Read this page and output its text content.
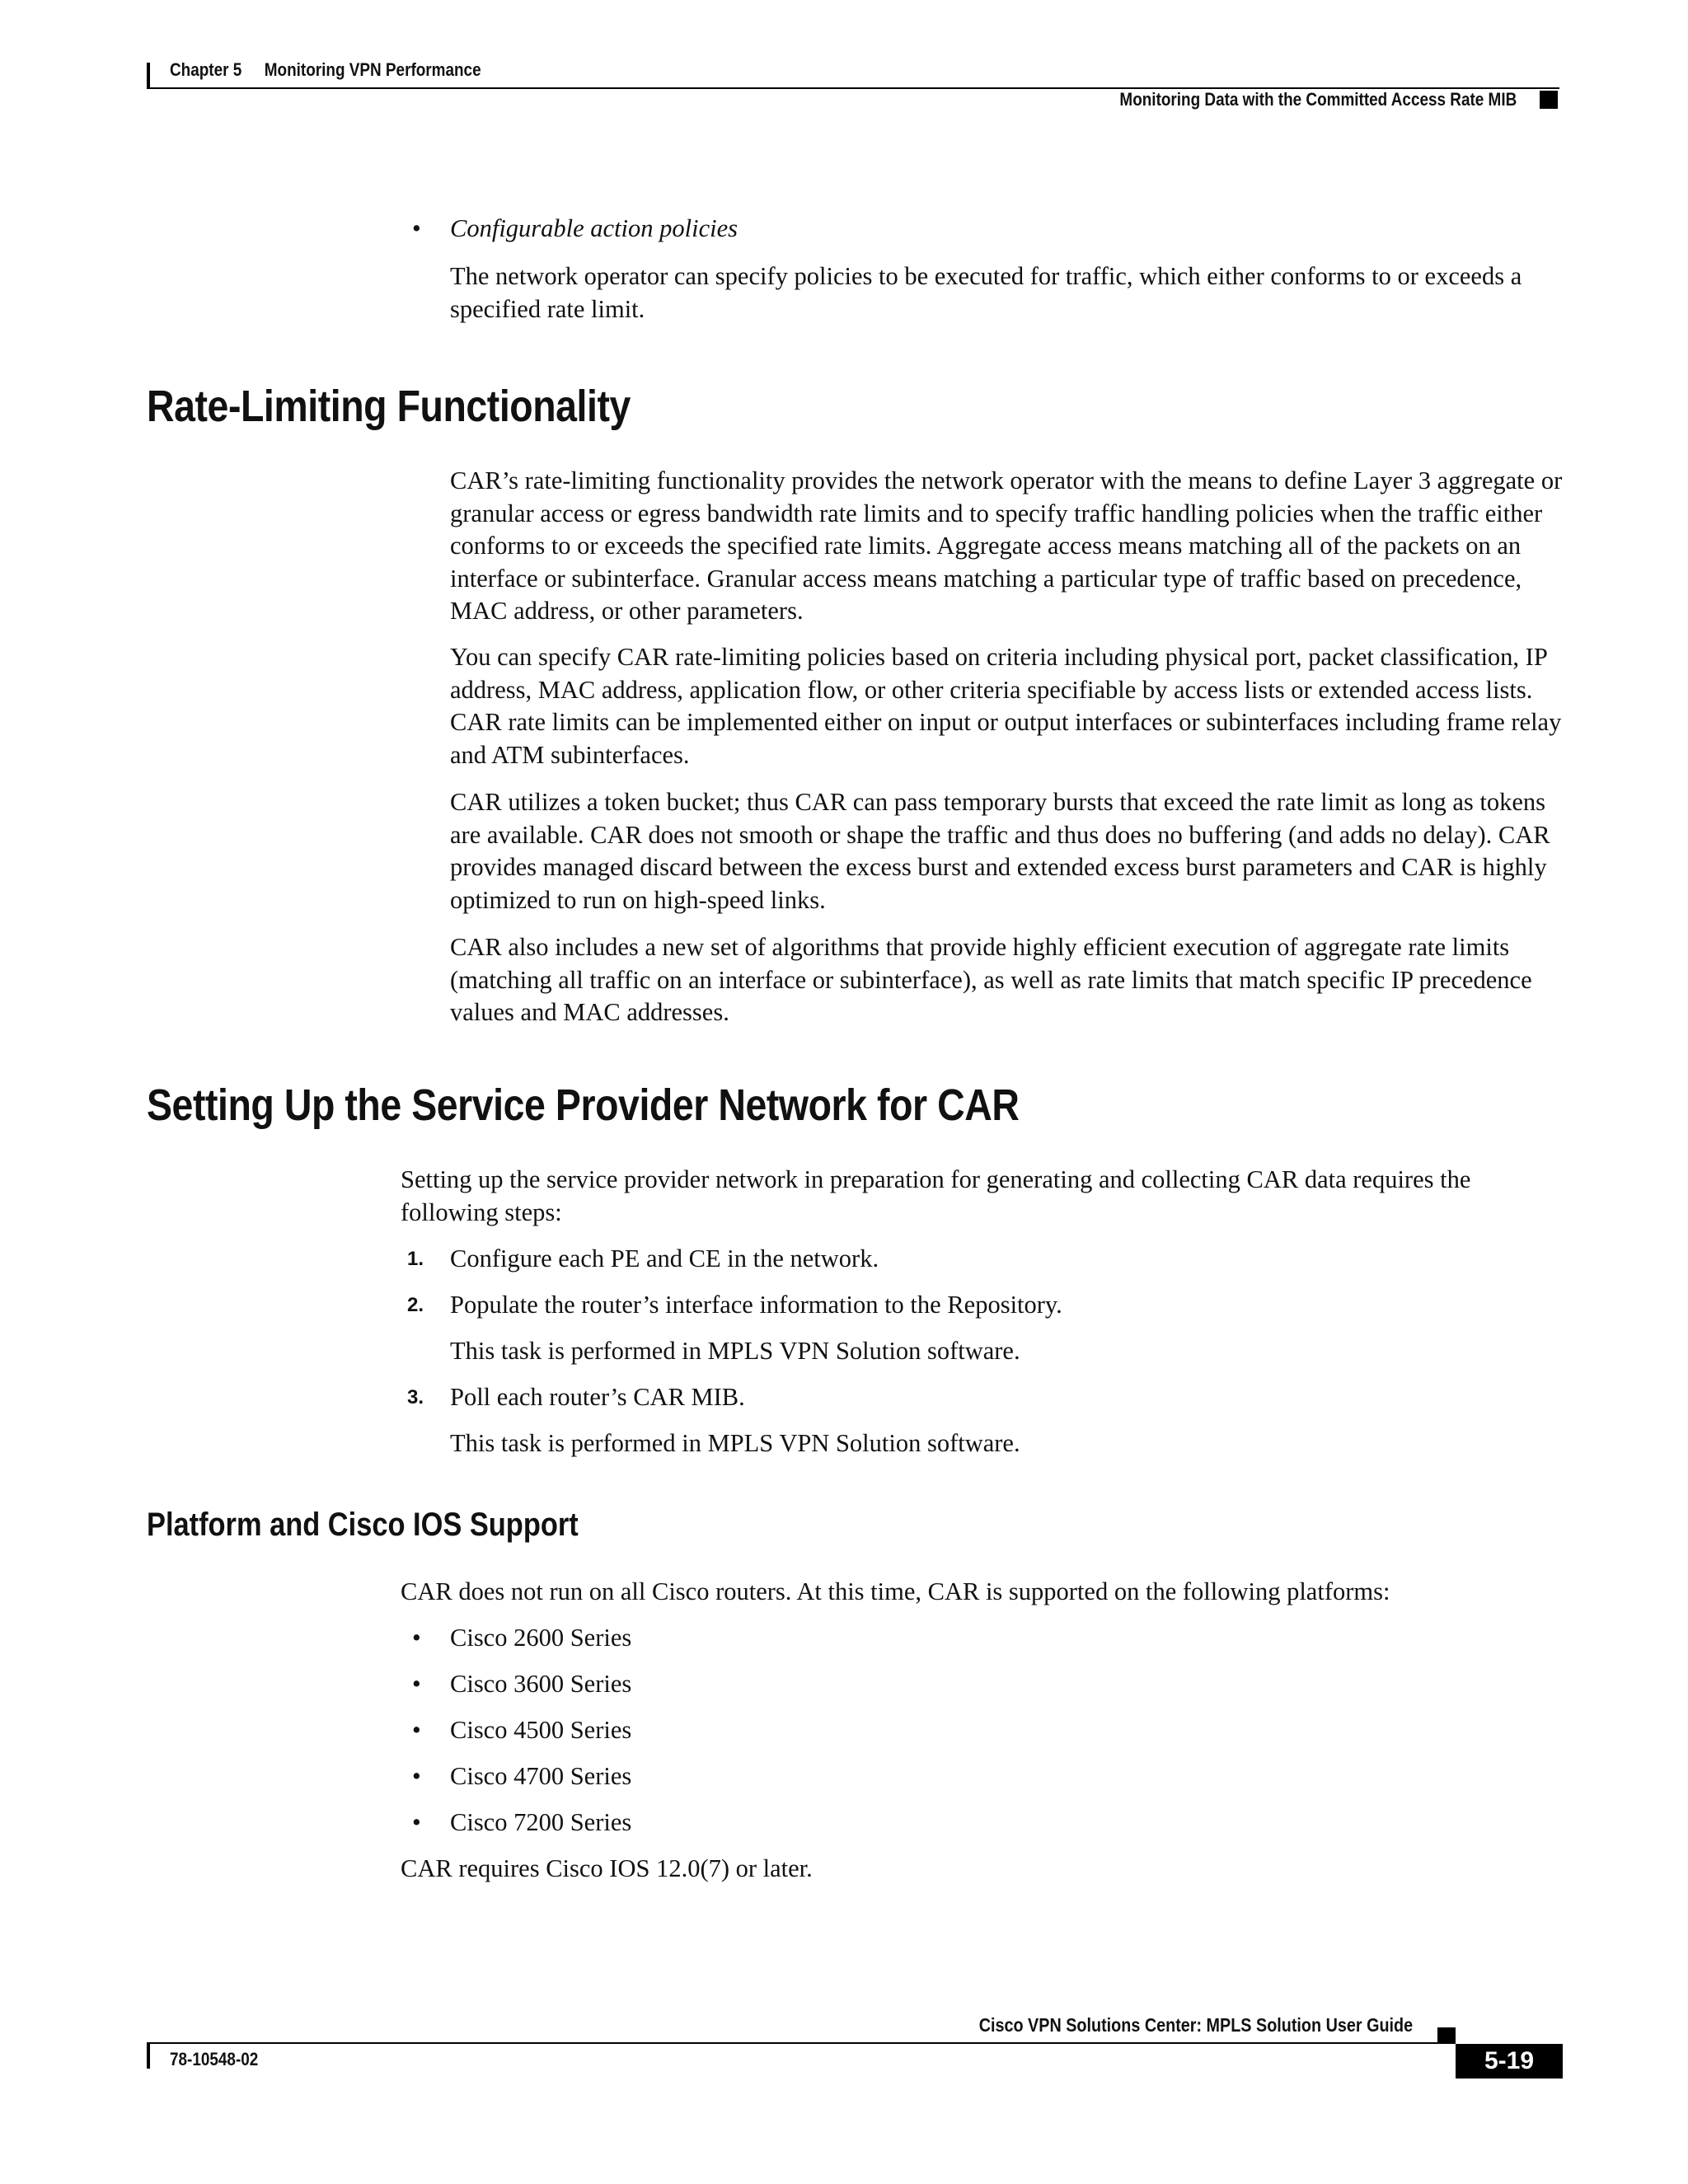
Chapter 5 Monitoring VPN Performance
Monitoring Data with the Committed Access Rate MIB
• Configurable action policies

The network operator can specify policies to be executed for traffic, which either conforms to or exceeds a specified rate limit.

Rate-Limiting Functionality

CAR’s rate-limiting functionality provides the network operator with the means to define Layer 3 aggregate or granular access or egress bandwidth rate limits and to specify traffic handling policies when the traffic either conforms to or exceeds the specified rate limits. Aggregate access means matching all of the packets on an interface or subinterface. Granular access means matching a particular type of traffic based on precedence, MAC address, or other parameters.

You can specify CAR rate-limiting policies based on criteria including physical port, packet classification, IP address, MAC address, application flow, or other criteria specifiable by access lists or extended access lists. CAR rate limits can be implemented either on input or output interfaces or subinterfaces including frame relay and ATM subinterfaces.

CAR utilizes a token bucket; thus CAR can pass temporary bursts that exceed the rate limit as long as tokens are available. CAR does not smooth or shape the traffic and thus does no buffering (and adds no delay). CAR provides managed discard between the excess burst and extended excess burst parameters and CAR is highly optimized to run on high-speed links.

CAR also includes a new set of algorithms that provide highly efficient execution of aggregate rate limits (matching all traffic on an interface or subinterface), as well as rate limits that match specific IP precedence values and MAC addresses.

Setting Up the Service Provider Network for CAR

Setting up the service provider network in preparation for generating and collecting CAR data requires the following steps:

1. Configure each PE and CE in the network.

2. Populate the router’s interface information to the Repository.

This task is performed in MPLS VPN Solution software.

3. Poll each router’s CAR MIB.

This task is performed in MPLS VPN Solution software.

Platform and Cisco IOS Support

CAR does not run on all Cisco routers. At this time, CAR is supported on the following platforms:

• Cisco 2600 Series

• Cisco 3600 Series

• Cisco 4500 Series

• Cisco 4700 Series

• Cisco 7200 Series

CAR requires Cisco IOS 12.0(7) or later.

Cisco VPN Solutions Center: MPLS Solution User Guide
78-10548-02	5-19
